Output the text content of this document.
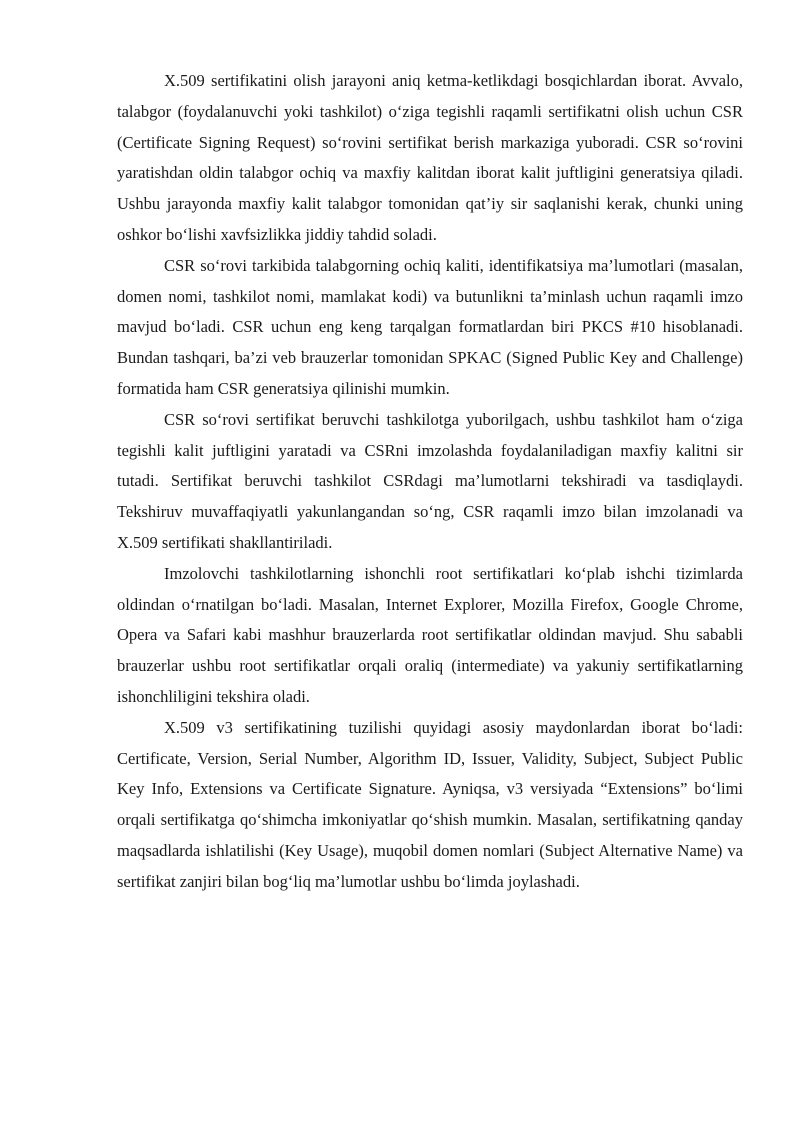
X.509 sertifikatini olish jarayoni aniq ketma-ketlikdagi bosqichlardan iborat. Avvalo, talabgor (foydalanuvchi yoki tashkilot) o‘ziga tegishli raqamli sertifikatni olish uchun CSR (Certificate Signing Request) so‘rovini sertifikat berish markaziga yuboradi. CSR so‘rovini yaratishdan oldin talabgor ochiq va maxfiy kalitdan iborat kalit juftligini generatsiya qiladi. Ushbu jarayonda maxfiy kalit talabgor tomonidan qat’iy sir saqlanishi kerak, chunki uning oshkor bo‘lishi xavfsizlikka jiddiy tahdid soladi.

CSR so‘rovi tarkibida talabgorning ochiq kaliti, identifikatsiya ma’lumotlari (masalan, domen nomi, tashkilot nomi, mamlakat kodi) va butunlikni ta’minlash uchun raqamli imzo mavjud bo‘ladi. CSR uchun eng keng tarqalgan formatlardan biri PKCS #10 hisoblanadi. Bundan tashqari, ba’zi veb brauzerlar tomonidan SPKAC (Signed Public Key and Challenge) formatida ham CSR generatsiya qilinishi mumkin.

CSR so‘rovi sertifikat beruvchi tashkilotga yuborilgach, ushbu tashkilot ham o‘ziga tegishli kalit juftligini yaratadi va CSRni imzolashda foydalaniladigan maxfiy kalitni sir tutadi. Sertifikat beruvchi tashkilot CSRdagi ma’lumotlarni tekshiradi va tasdiqlaydi. Tekshiruv muvaffaqiyatli yakunlangandan so‘ng, CSR raqamli imzo bilan imzolanadi va X.509 sertifikati shakllantiriladi.

Imzolovchi tashkilotlarning ishonchli root sertifikatlari ko‘plab ishchi tizimlarda oldindan o‘rnatilgan bo‘ladi. Masalan, Internet Explorer, Mozilla Firefox, Google Chrome, Opera va Safari kabi mashhur brauzerlarda root sertifikatlar oldindan mavjud. Shu sababli brauzerlar ushbu root sertifikatlar orqali oraliq (intermediate) va yakuniy sertifikatlarning ishonchliligini tekshira oladi.

X.509 v3 sertifikatining tuzilishi quyidagi asosiy maydonlardan iborat bo‘ladi: Certificate, Version, Serial Number, Algorithm ID, Issuer, Validity, Subject, Subject Public Key Info, Extensions va Certificate Signature. Ayniqsa, v3 versiyada “Extensions” bo‘limi orqali sertifikatga qo‘shimcha imkoniyatlar qo‘shish mumkin. Masalan, sertifikatning qanday maqsadlarda ishlatilishi (Key Usage), muqobil domen nomlari (Subject Alternative Name) va sertifikat zanjiri bilan bog‘liq ma’lumotlar ushbu bo‘limda joylashadi.
